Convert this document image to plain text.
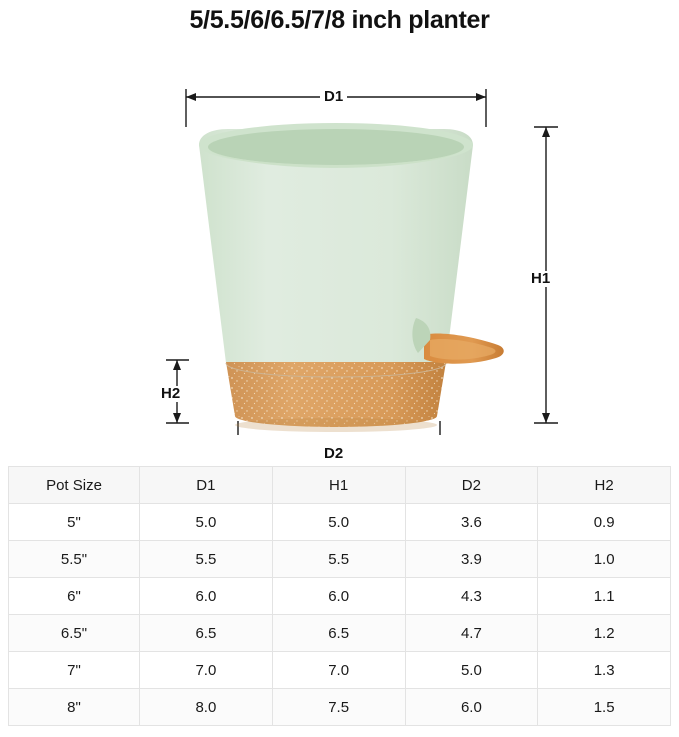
5/5.5/6/6.5/7/8 inch planter
D1
H1
D2
H2
Pot Size	D1	H1	D2	H2
5"	5.0	5.0	3.6	0.9
5.5"	5.5	5.5	3.9	1.0
6"	6.0	6.0	4.3	1.1
6.5"	6.5	6.5	4.7	1.2
7"	7.0	7.0	5.0	1.3
8"	8.0	7.5	6.0	1.5
